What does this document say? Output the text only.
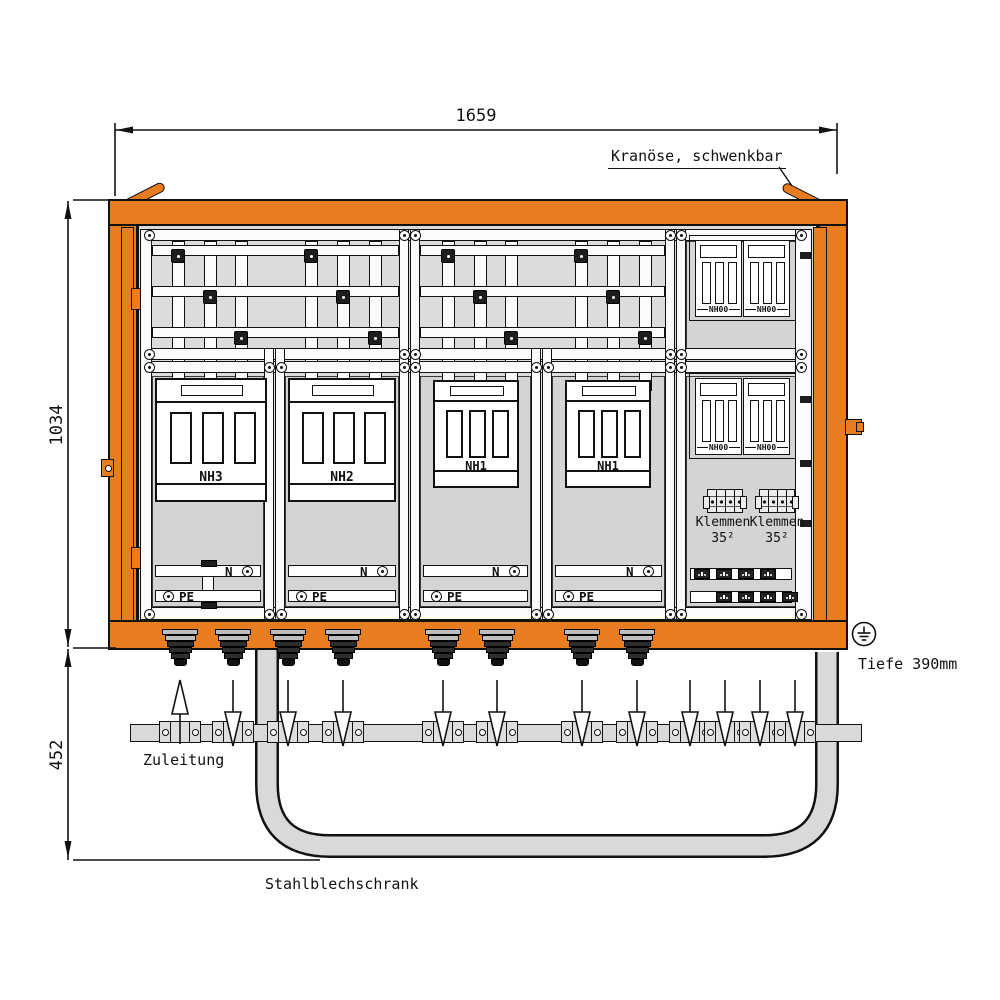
N
PE
N
PE
N
PE
N
PE
NH3	NH2
NH1	NH1
NH00	NH00
NH00	NH00
Klemmen
35²
Klemmen
35²
1659
1034
452
Kranöse, schwenkbar
Tiefe 390mm
Zuleitung
Stahlblechschrank
